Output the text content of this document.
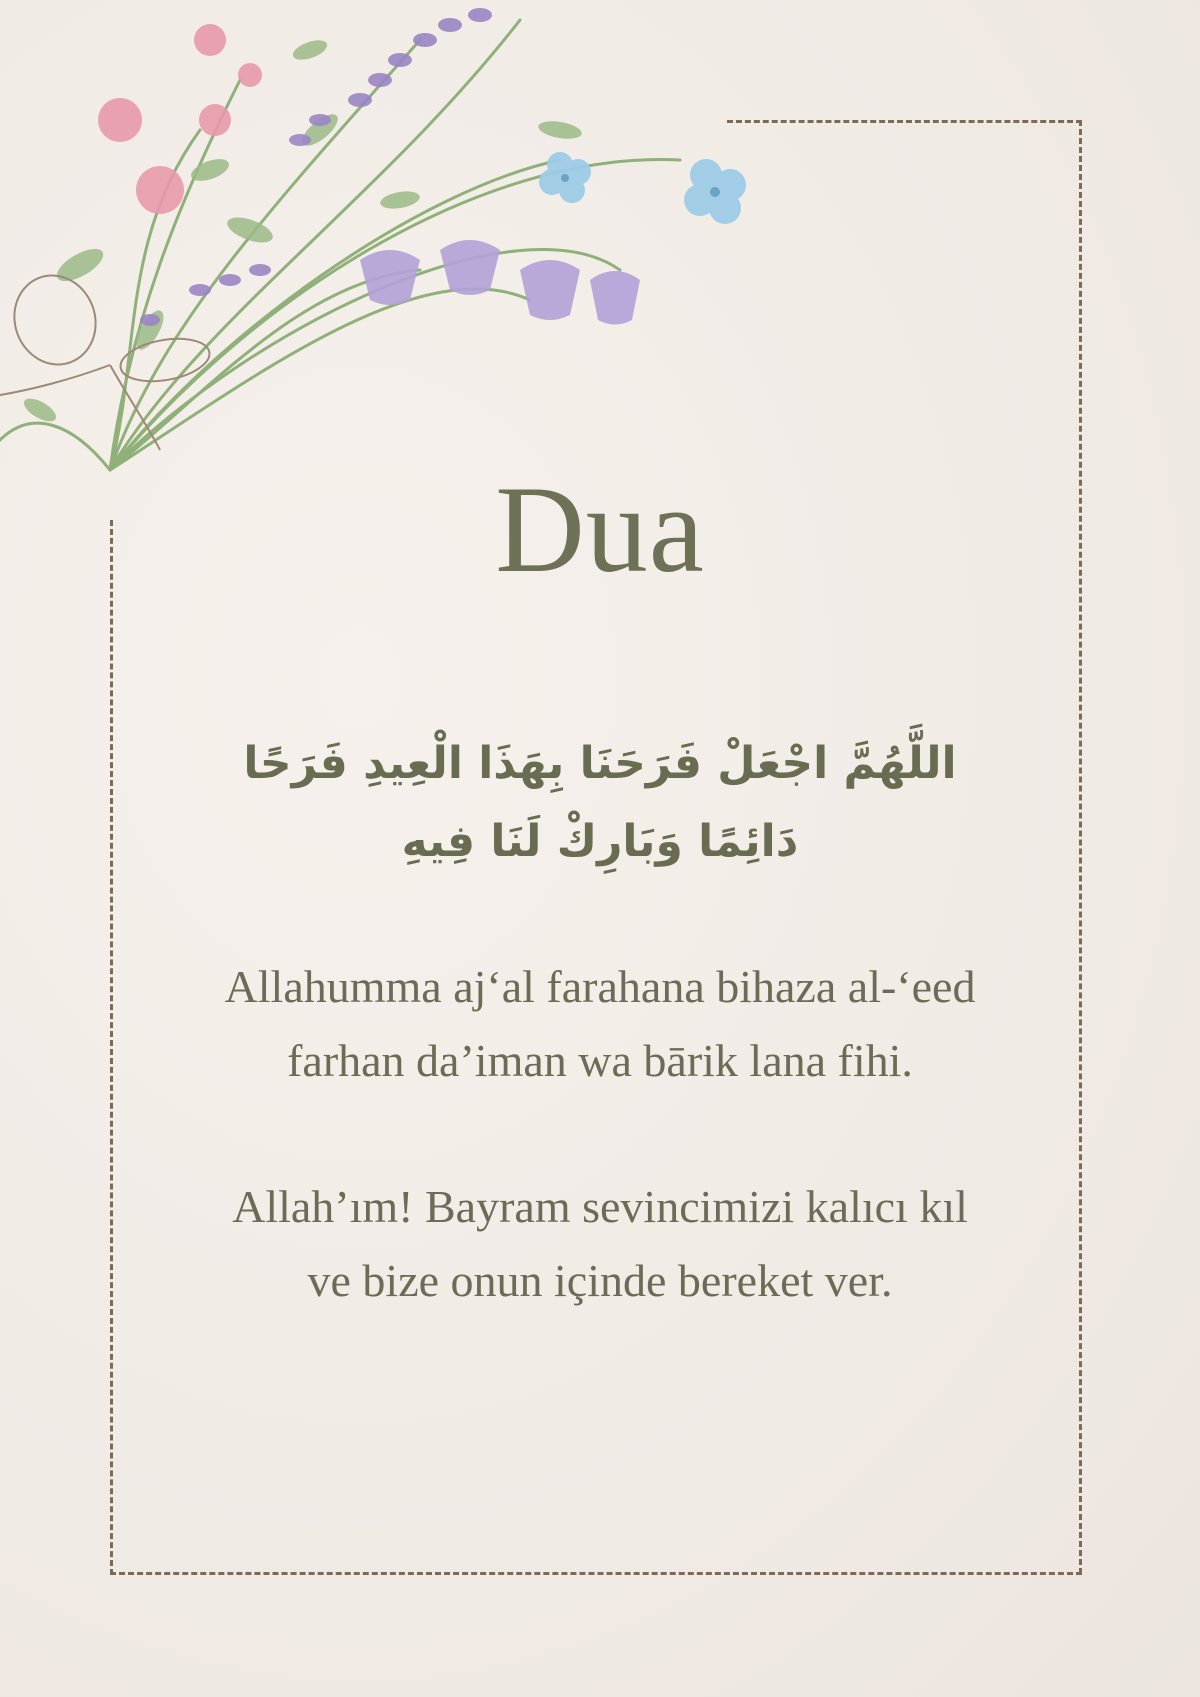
Dua
اللَّهُمَّ اجْعَلْ فَرَحَنَا بِهَذَا الْعِيدِ فَرَحًا
دَائِمًا وَبَارِكْ لَنَا فِيهِ
Allahumma aj‘al farahana bihaza al-‘eed
farhan da’iman wa bārik lana fihi.
Allah’ım! Bayram sevincimizi kalıcı kıl
ve bize onun içinde bereket ver.
